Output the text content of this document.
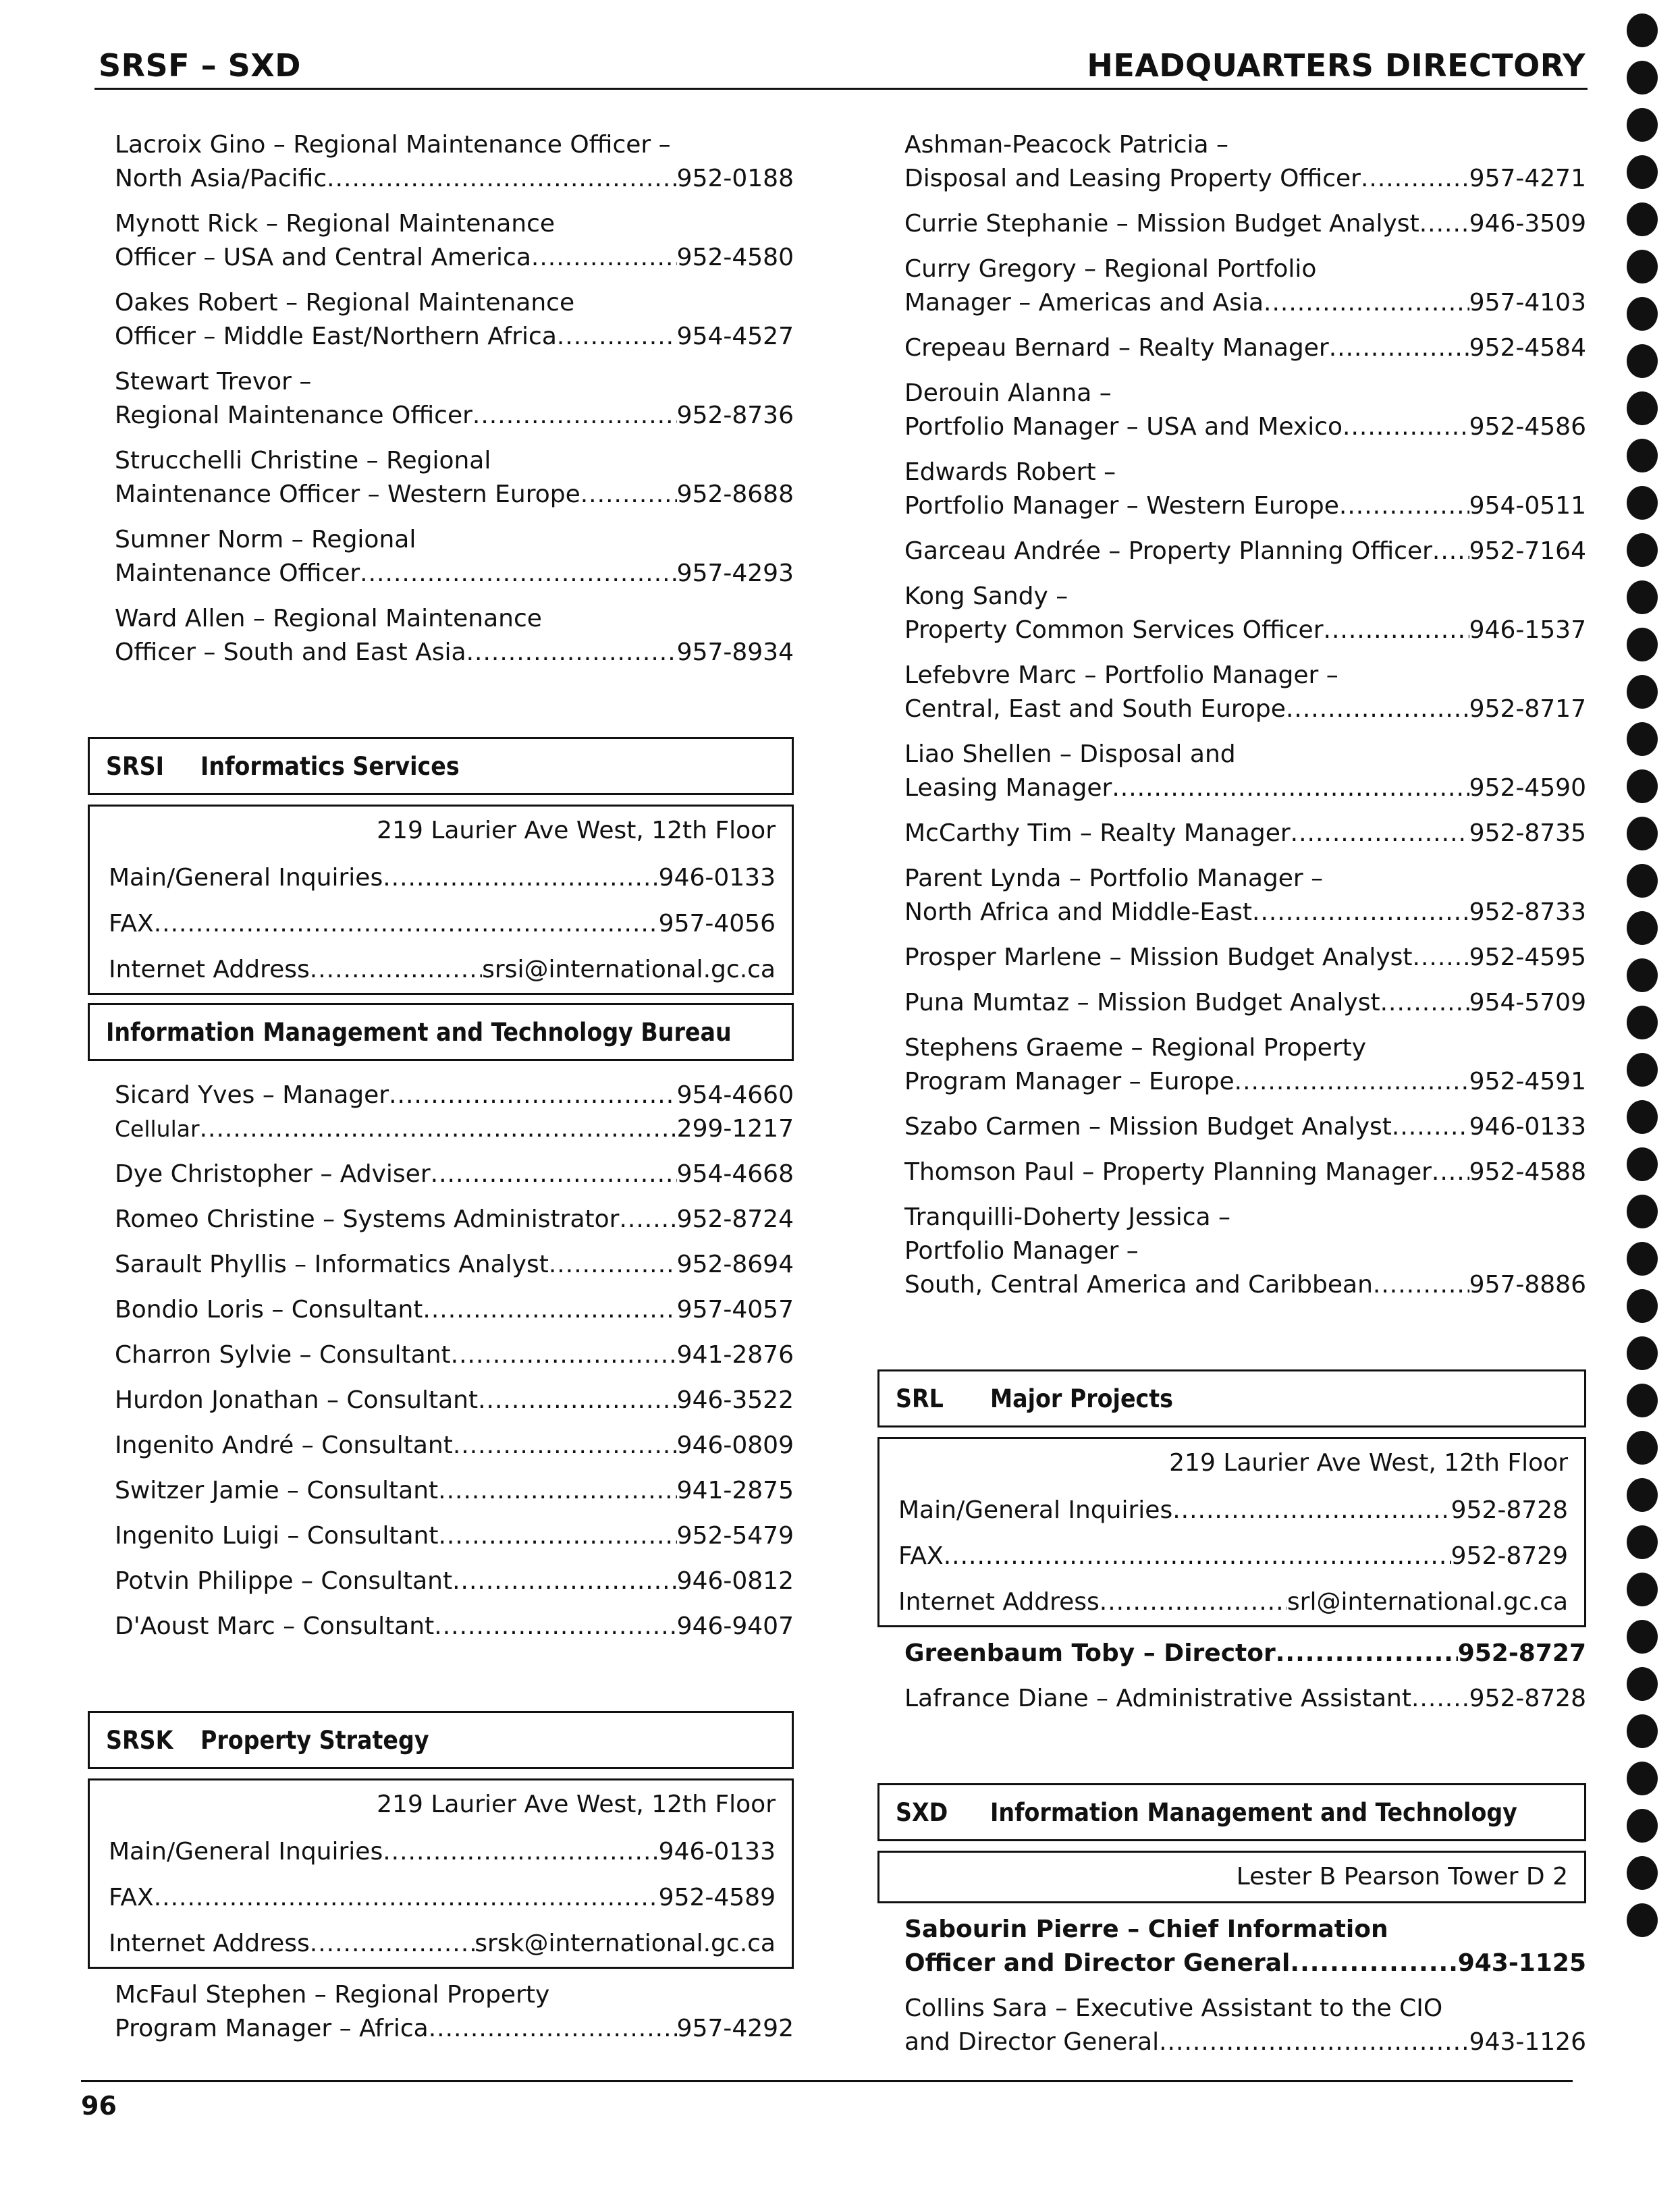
SRSF – SXD	HEADQUARTERS DIRECTORY
Lacroix Gino – Regional Maintenance Officer –
North Asia/Pacific .....	952-0188
Mynott Rick – Regional Maintenance
Officer – USA and Central America .....	952-4580
Oakes Robert – Regional Maintenance
Officer – Middle East/Northern Africa .....	954-4527
Stewart Trevor –
Regional Maintenance Officer .....	952-8736
Strucchelli Christine – Regional
Maintenance Officer – Western Europe .....	952-8688
Sumner Norm – Regional
Maintenance Officer .....	957-4293
Ward Allen – Regional Maintenance
Officer – South and East Asia .....	957-8934
SRSI	Informatics Services
219 Laurier Ave West, 12th Floor
Main/General Inquiries .....	946-0133
FAX .....	957-4056
Internet Address .....	srsi@international.gc.ca
Information Management and Technology Bureau
Sicard Yves – Manager .....	954-4660
Cellular .....	299-1217
Dye Christopher – Adviser .....	954-4668
Romeo Christine – Systems Administrator ..... 952-8724
Sarault Phyllis – Informatics Analyst .....	952-8694
Bondio Loris – Consultant .....	957-4057
Charron Sylvie – Consultant .....	941-2876
Hurdon Jonathan – Consultant .....	946-3522
Ingenito André – Consultant .....	946-0809
Switzer Jamie – Consultant .....	941-2875
Ingenito Luigi – Consultant .....	952-5479
Potvin Philippe – Consultant .....	946-0812
D'Aoust Marc – Consultant .....	946-9407
SRSK	Property Strategy
219 Laurier Ave West, 12th Floor
Main/General Inquiries .....	946-0133
FAX .....	952-4589
Internet Address .....	srsk@international.gc.ca
McFaul Stephen – Regional Property
Program Manager – Africa .....	957-4292
Ashman-Peacock Patricia –
Disposal and Leasing Property Officer .....	957-4271
Currie Stephanie – Mission Budget Analyst ..... 946-3509
Curry Gregory – Regional Portfolio
Manager – Americas and Asia .....	957-4103
Crepeau Bernard – Realty Manager .....	952-4584
Derouin Alanna –
Portfolio Manager – USA and Mexico .....	952-4586
Edwards Robert –
Portfolio Manager – Western Europe .....	954-0511
Garceau Andrée – Property Planning Officer ..... 952-7164
Kong Sandy –
Property Common Services Officer .....	946-1537
Lefebvre Marc – Portfolio Manager –
Central, East and South Europe .....	952-8717
Liao Shellen – Disposal and
Leasing Manager .....	952-4590
McCarthy Tim – Realty Manager .....	952-8735
Parent Lynda – Portfolio Manager –
North Africa and Middle-East .....	952-8733
Prosper Marlene – Mission Budget Analyst ..... 952-4595
Puna Mumtaz – Mission Budget Analyst .....	954-5709
Stephens Graeme – Regional Property
Program Manager – Europe .....	952-4591
Szabo Carmen – Mission Budget Analyst .....	946-0133
Thomson Paul – Property Planning Manager ..... 952-4588
Tranquilli-Doherty Jessica –
Portfolio Manager –
South, Central America and Caribbean .....	957-8886
SRL	Major Projects
219 Laurier Ave West, 12th Floor
Main/General Inquiries .....	952-8728
FAX .....	952-8729
Internet Address .....	srl@international.gc.ca
Greenbaum Toby – Director .....	952-8727
Lafrance Diane – Administrative Assistant ..... 952-8728
SXD	Information Management and Technology
Lester B Pearson Tower D 2
Sabourin Pierre – Chief Information
Officer and Director General .....	943-1125
Collins Sara – Executive Assistant to the CIO
and Director General .....	943-1126
96
